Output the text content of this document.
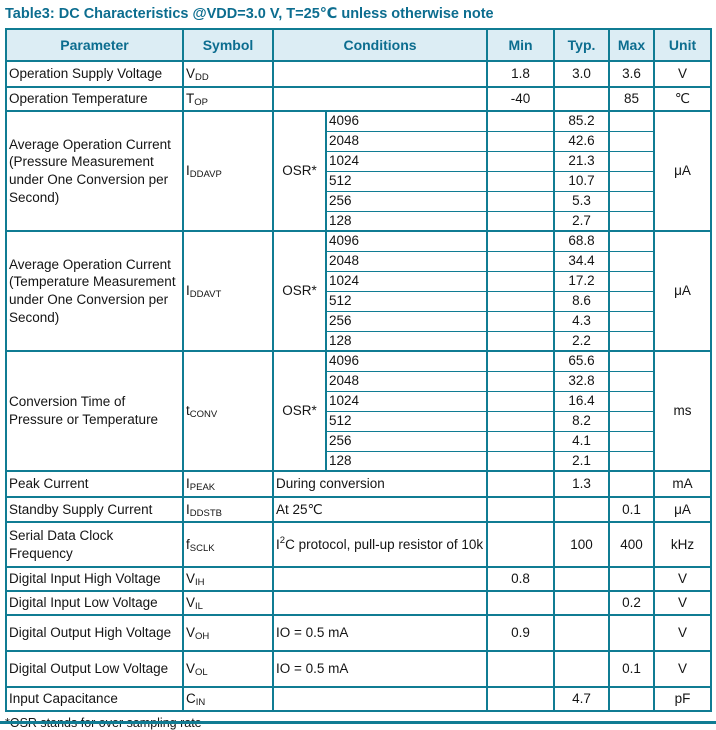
Table3: DC Characteristics @VDD=3.0 V, T=25℃ unless otherwise note
Parameter	Symbol	Conditions		Min	Typ.	Max	Unit
Operation Supply Voltage	VDD			1.8	3.0	3.6	V
Operation Temperature	TOP			-40		85	℃
Average Operation Current (Pressure Measurement under One Conversion per Second)	IDDAVP	OSR*	4096		85.2		μA
			2048		42.6		
			1024		21.3		
			512		10.7		
			256		5.3		
			128		2.7		
Average Operation Current (Temperature Measurement under One Conversion per Second)	IDDAVT	OSR*	4096		68.8		μA
			2048		34.4		
			1024		17.2		
			512		8.6		
			256		4.3		
			128		2.2		
Conversion Time of Pressure or Temperature	tCONV	OSR*	4096		65.6		ms
			2048		32.8		
			1024		16.4		
			512		8.2		
			256		4.1		
			128		2.1		
Peak Current	IPEAK	During conversion			1.3		mA
Standby Supply Current	IDDSTB	At 25℃				0.1	μA
Serial Data Clock Frequency	fSCLK	$I^2C$ protocol, pull-up resistor of 10k			100	400	kHz
Digital Input High Voltage	VIH			0.8			V
Digital Input Low Voltage	VIL					0.2	V
Digital Output High Voltage	VOH	IO = 0.5 mA		0.9			V
Digital Output Low Voltage	VOL	IO = 0.5 mA				0.1	V
Input Capacitance	CIN				4.7		pF
